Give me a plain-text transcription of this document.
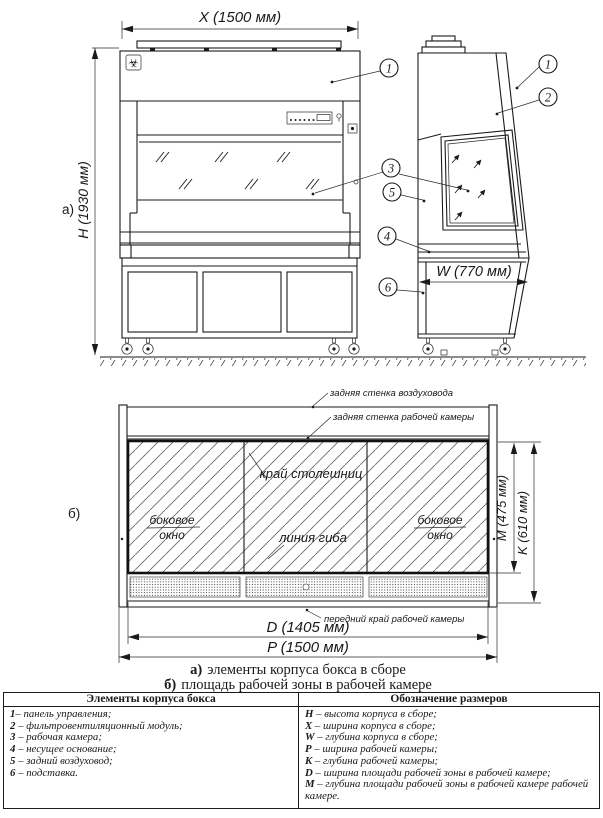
X (1500 мм)
H (1930 мм)
а)
☣
W (770 мм)
1
3
5
4
6
1
2
б)
задняя стенка воздуховода
задняя стенка рабочей камеры
край столешниц
линия гиба
боковое
окно
боковое
окно
передний край рабочей камеры
M (475 мм) K (610 мм)
D (1405 мм)
P (1500 мм)
а) элементы корпуса бокса в сборе
б) площадь рабочей зоны в рабочей камере
Элементы корпуса бокса	Обозначение размеров

1– панель управления;
2 – фильтровентиляционный модуль;
3 – рабочая камера;
4 – несущее основание;
5 – задний воздуховод;
6 – подставка.

H – высота корпуса в сборе;
X – ширина корпуса в сборе;
W – глубина корпуса в сборе;
P – ширина рабочей камеры;
K – глубина рабочей камеры;
D – ширина площади рабочей зоны в рабочей камере;
M – глубина площади рабочей зоны в рабочей камере рабочей камере.
